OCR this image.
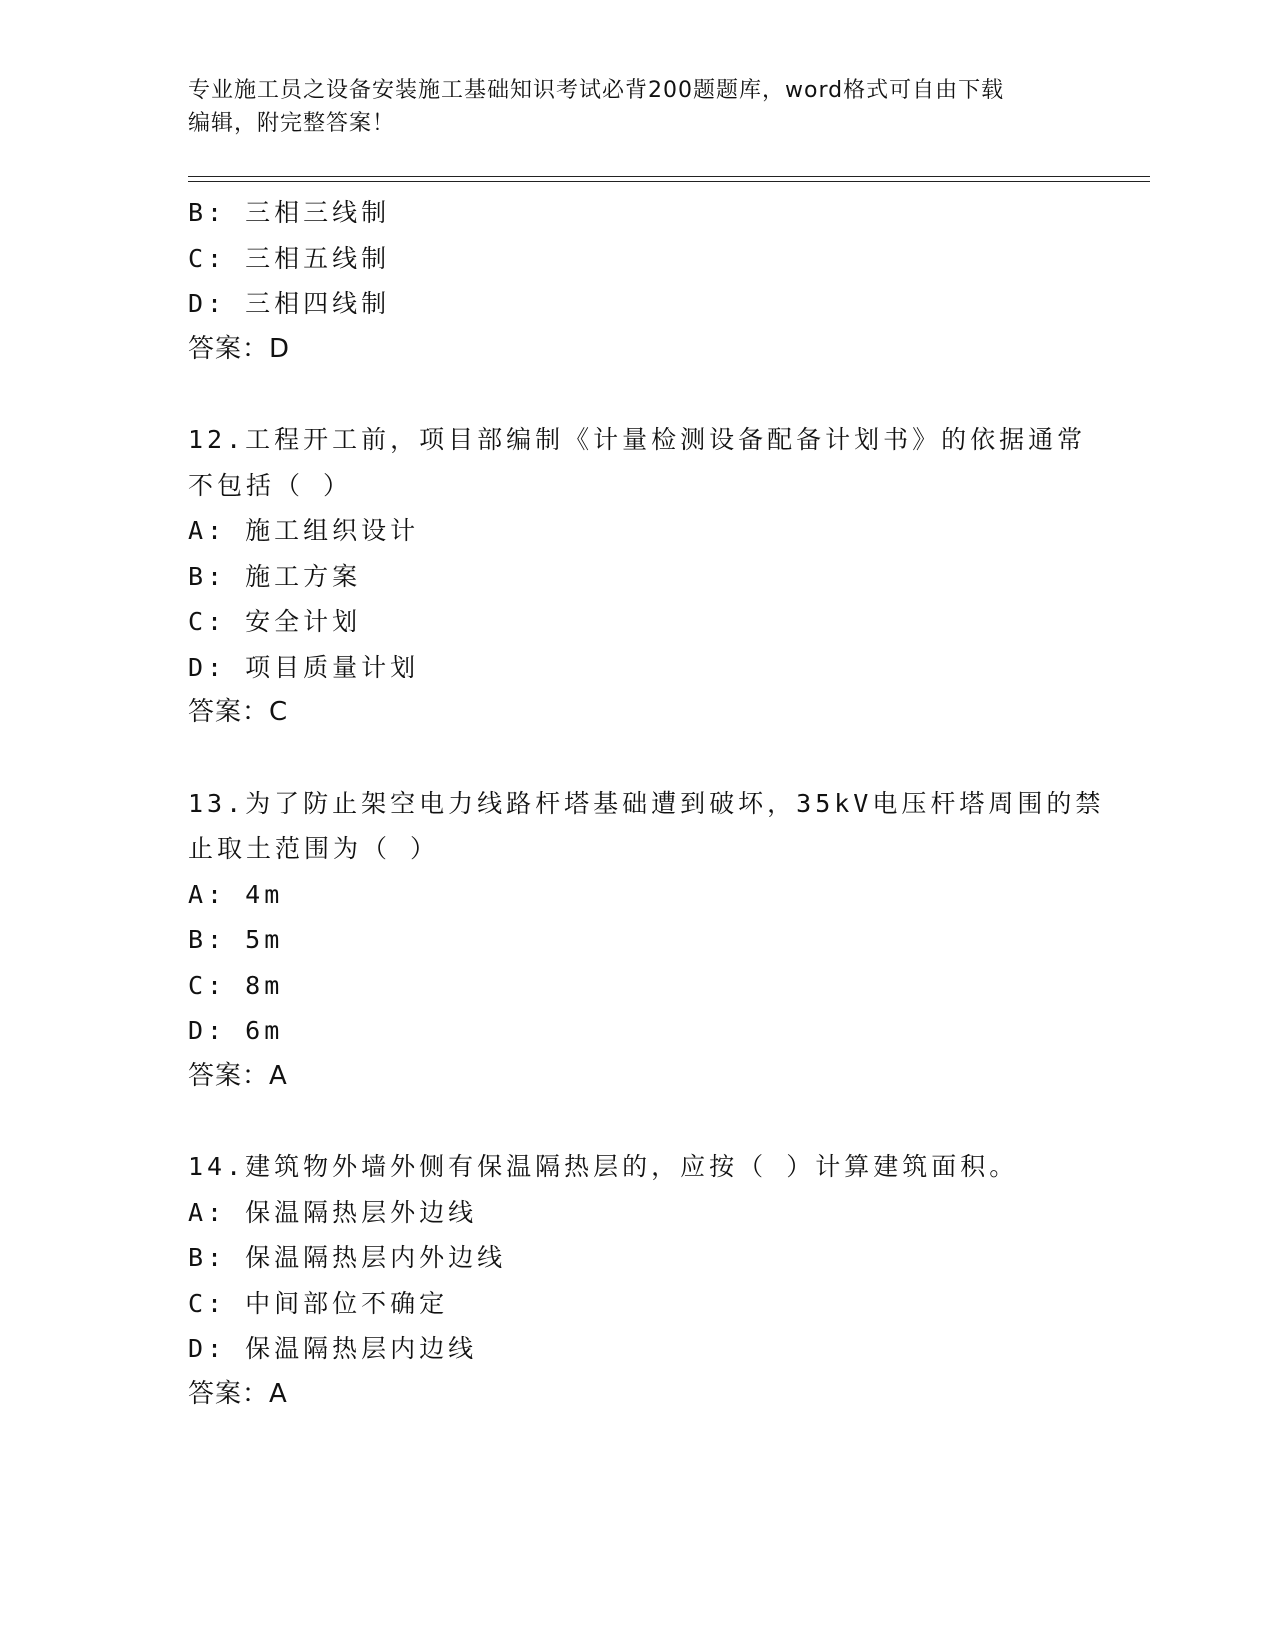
专业施工员之设备安装施工基础知识考试必背200题题库，word格式可自由下载
编辑，附完整答案！
B: 三相三线制
C: 三相五线制
D: 三相四线制
答案：D
12.工程开工前，项目部编制《计量检测设备配备计划书》的依据通常
不包括（ ）
A: 施工组织设计
B: 施工方案
C: 安全计划
D: 项目质量计划
答案：C
13.为了防止架空电力线路杆塔基础遭到破坏，35kV电压杆塔周围的禁
止取土范围为（ ）
A: 4m
B: 5m
C: 8m
D: 6m
答案：A
14.建筑物外墙外侧有保温隔热层的，应按（ ）计算建筑面积。
A: 保温隔热层外边线
B: 保温隔热层内外边线
C: 中间部位不确定
D: 保温隔热层内边线
答案：A
